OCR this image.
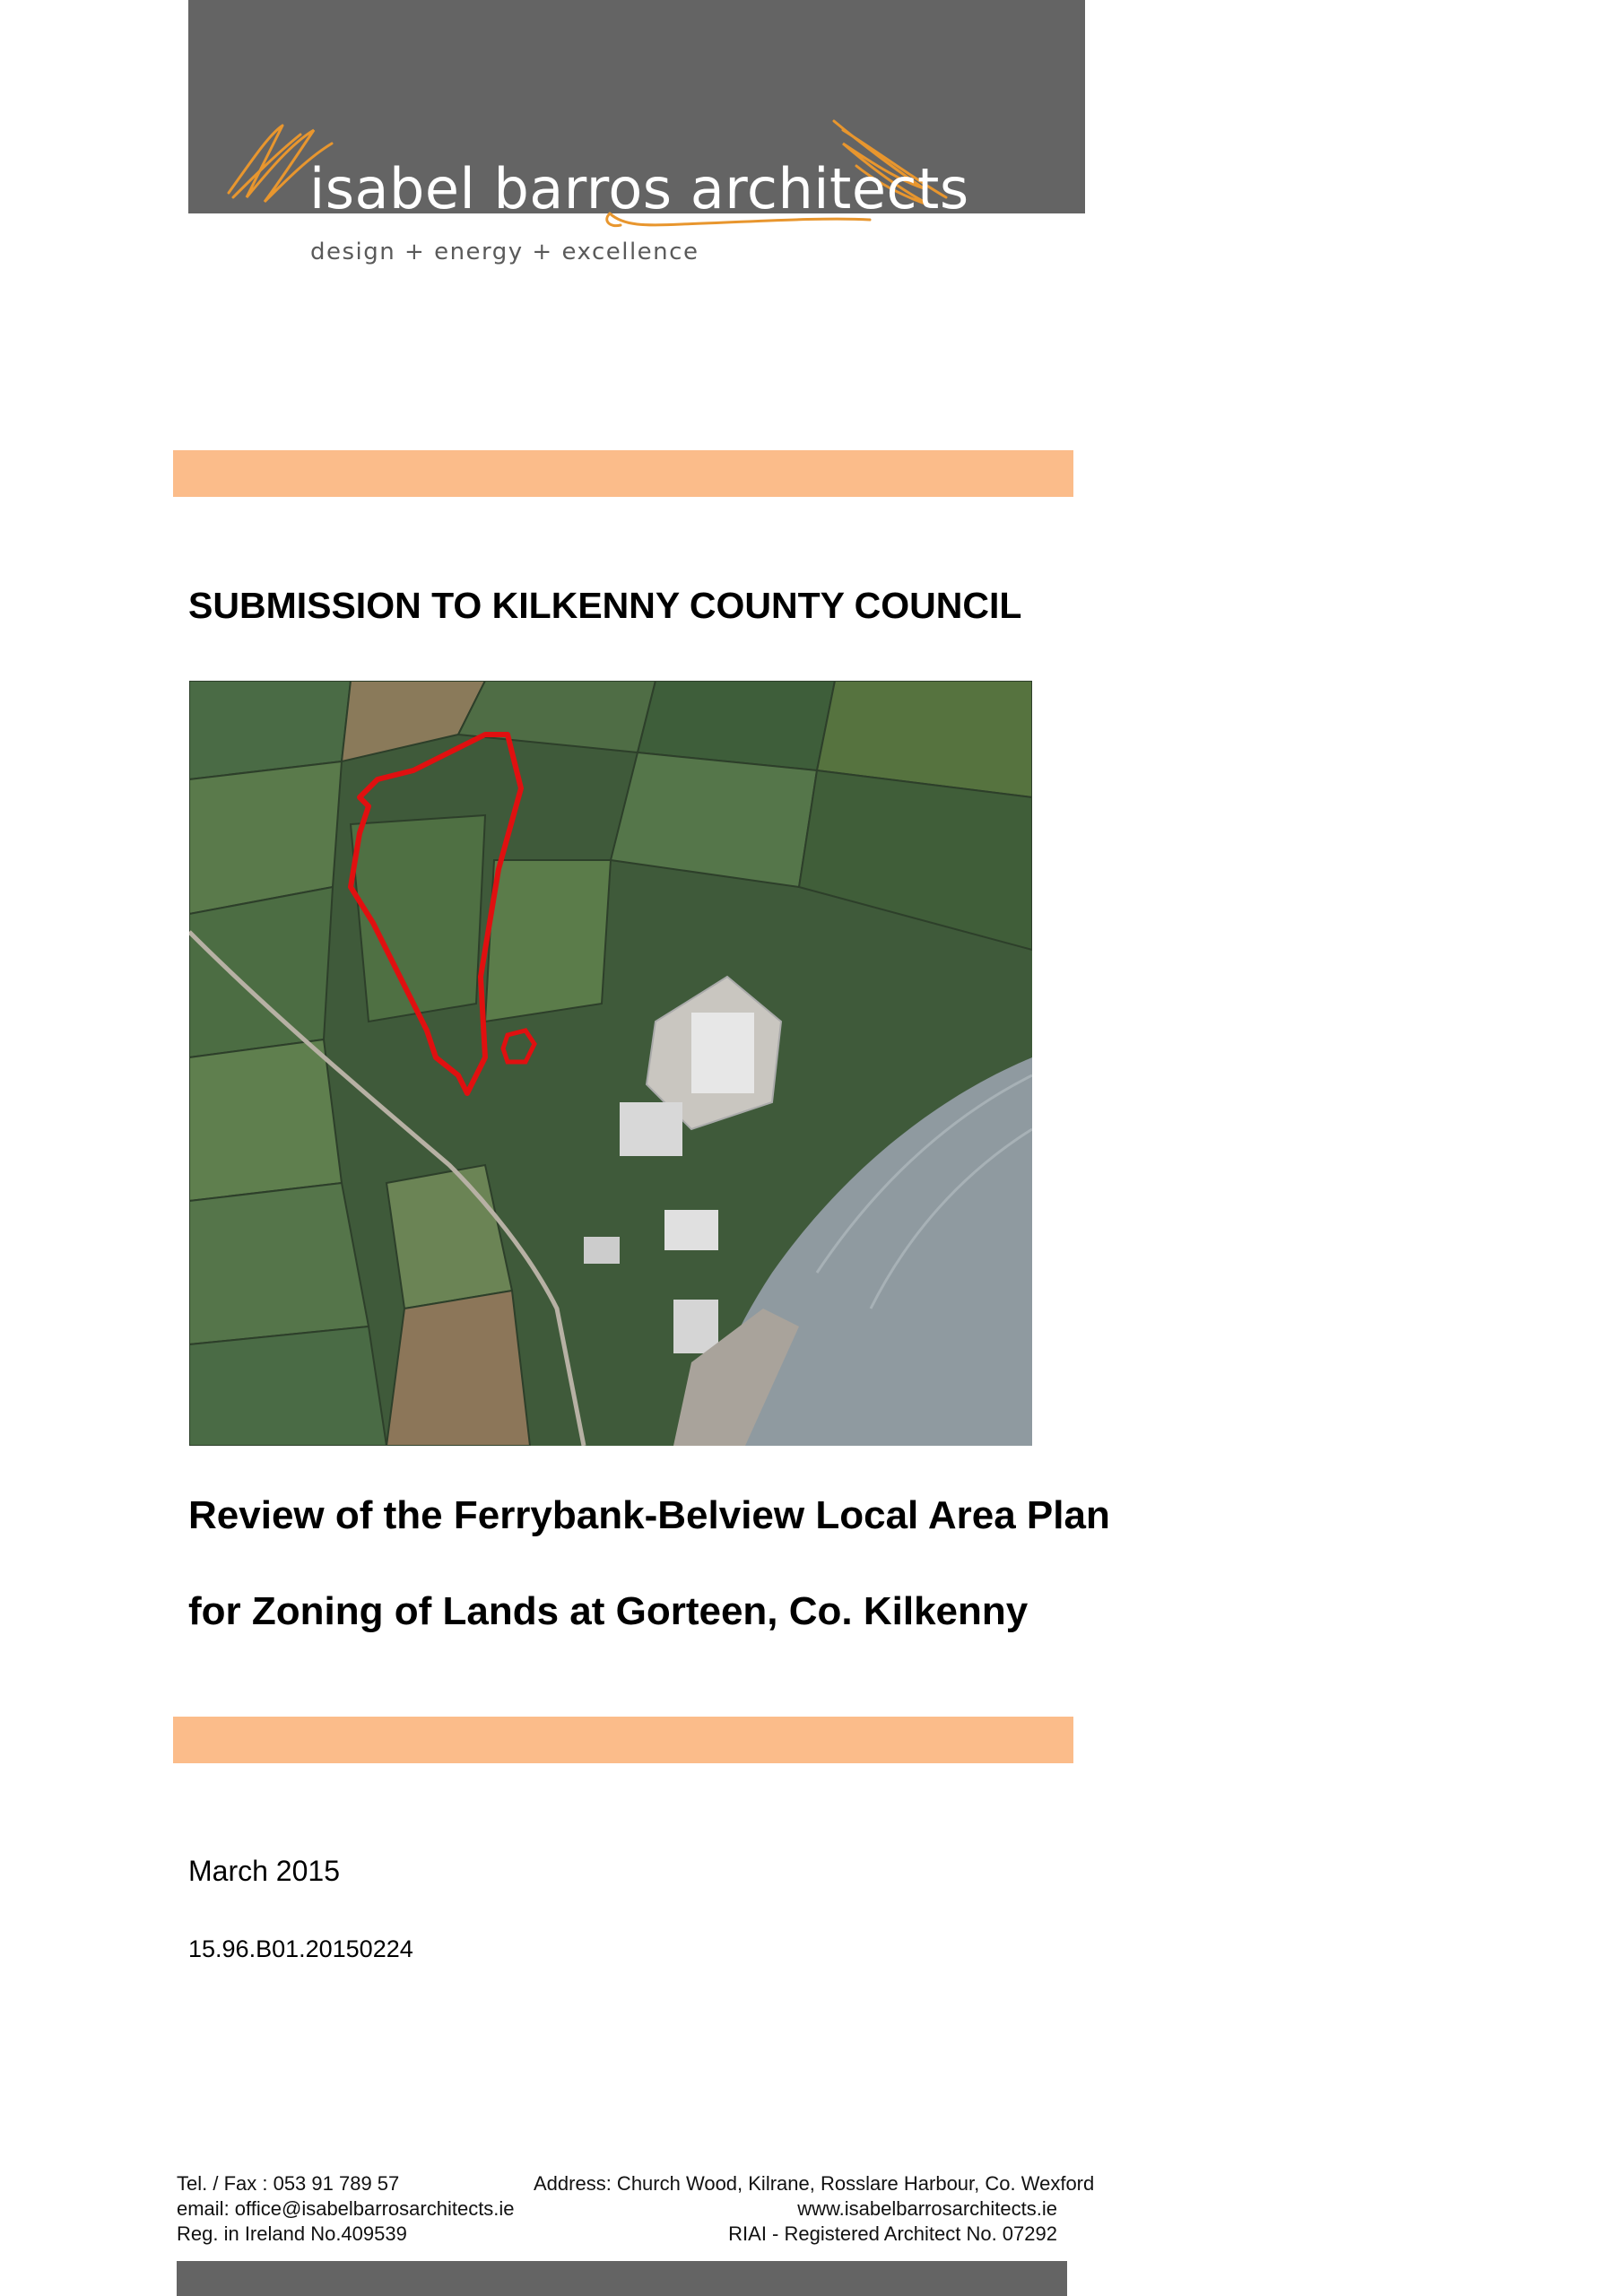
isabel barros architects
design + energy + excellence
SUBMISSION TO KILKENNY COUNTY COUNCIL
Review of the Ferrybank-Belview Local Area Plan
for Zoning of Lands at Gorteen, Co. Kilkenny
March 2015
15.96.B01.20150224
Tel. / Fax : 053 91 789 57
email: office@isabelbarrosarchitects.ie
Reg. in Ireland No.409539
Address: Church Wood, Kilrane, Rosslare Harbour, Co. Wexford
www.isabelbarrosarchitects.ie
RIAI - Registered Architect No. 07292
